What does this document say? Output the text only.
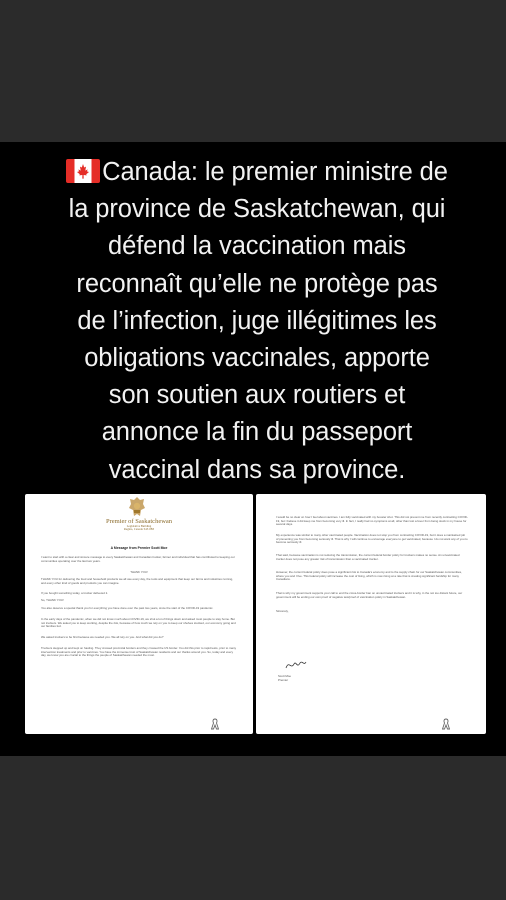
Canada: le premier ministre de
la province de Saskatchewan, qui
défend la vaccination mais
reconnaît qu’elle ne protège pas
de l’infection, juge illégitimes les
obligations vaccinales, apporte
son soutien aux routiers et
annonce la fin du passeport
vaccinal dans sa province.
Premier of Saskatchewan
Legislative Building
Regina, Canada S4S 0B3
A Message from Premier Scott Moe
I want to start with a clear and sincere message to every Saskatchewan and Canadian trucker, farmer and individual that has contributed to keeping our communities operating over the last two years.
THANK YOU!
THANK YOU for delivering the food and household products we all use every day, the tools and equipment that keep our farms and industries running, and every other kind of goods and products you can imagine.
If you bought something today, a trucker delivered it.
So, THANK YOU!
You also deserve a special thank you for everything you have done over the past two years, since the start of the COVID-19 pandemic.
In the early days of the pandemic, when we did not know much about COVID-19, we shut a lot of things down and asked most people to stay home. But not truckers. We asked you to keep working, despite the risk, because of how much we rely on you to keep our shelves stocked, our economy going and our families fed.
We asked truckers to be first because we needed you. We all rely on you. And what did you do?
Truckers stepped up and kept on hauling. They crossed provincial borders and they crossed the US border. You did this prior to rapid tests, prior to many intervention treatments and prior to vaccines. You have the immense trust of Saskatchewan residents and our thanks around you. So, today and every day, we know you are crucial to the things the people of Saskatchewan needed the most.
I would be no clear on how I feel about vaccines. I am fully vaccinated with my booster shot. This did not prevent me from recently contracting COVID-19, but I believe it did keep me from becoming very ill. In fact, I really had no symptoms at all, other than lost a fever from being stuck in my house for several days.
My experience was similar to many other vaccinated people. Vaccination does not stop you from contracting COVID-19, but it does a maintained job of preventing you from becoming seriously ill. That is why I will continue to encourage everyone to get vaccinated, because I do not want any of you to become seriously ill.
That said, because vaccination is not reducing the transmission, the current federal border policy for truckers makes no sense. An unvaccinated trucker does not pose any greater risk of transmission than a vaccinated trucker.
However, the current federal policy does pose a significant risk to Canada's economy and to the supply chain for our Saskatchewan communities, where you and I live. This federal policy will increase the cost of living, which is now rising at a rate that is creating significant hardship for many Canadians.
That is why my government supports your call to end the cross-border ban on unvaccinated truckers and it is why, in the not too distant future, our government will be ending our own proof of negative test/proof of vaccination policy in Saskatchewan.
Sincerely,
Scott Moe
Premier
